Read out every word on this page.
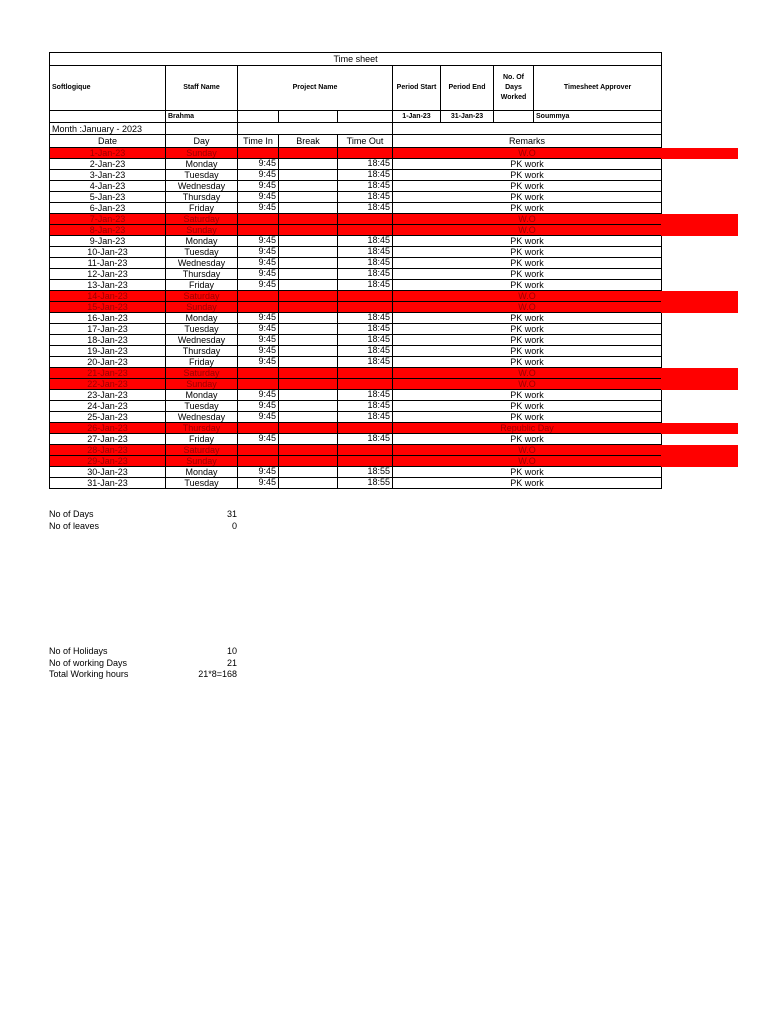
Time sheet								
Softlogique	Staff Name	Project Name			Period Start	Period End	No. Of Days Worked	Timesheet Approver
	Brahma				1-Jan-23	31-Jan-23		Soummya
Month :January - 2023								
Date	Day	Time In	Break	Time Out	Remarks			
1-Jan-23	Sunday				W.O			
2-Jan-23	Monday	9:45		18:45	PK work			
3-Jan-23	Tuesday	9:45		18:45	PK work			
4-Jan-23	Wednesday	9:45		18:45	PK work			
5-Jan-23	Thursday	9:45		18:45	PK work			
6-Jan-23	Friday	9:45		18:45	PK work			
7-Jan-23	Saturday				W.O			
8-Jan-23	Sunday				W.O			
9-Jan-23	Monday	9:45		18:45	PK work			
10-Jan-23	Tuesday	9:45		18:45	PK work			
11-Jan-23	Wednesday	9:45		18:45	PK work			
12-Jan-23	Thursday	9:45		18:45	PK work			
13-Jan-23	Friday	9:45		18:45	PK work			
14-Jan-23	Saturday				W.O			
15-Jan-23	Sunday				W.O			
16-Jan-23	Monday	9:45		18:45	PK work			
17-Jan-23	Tuesday	9:45		18:45	PK work			
18-Jan-23	Wednesday	9:45		18:45	PK work			
19-Jan-23	Thursday	9:45		18:45	PK work			
20-Jan-23	Friday	9:45		18:45	PK work			
21-Jan-23	Saturday				W.O			
22-Jan-23	Sunday				W.O			
23-Jan-23	Monday	9:45		18:45	PK work			
24-Jan-23	Tuesday	9:45		18:45	PK work			
25-Jan-23	Wednesday	9:45		18:45	PK work			
26-Jan-23	Thursday				Republic Day			
27-Jan-23	Friday	9:45		18:45	PK work			
28-Jan-23	Saturday				W.O			
29-Jan-23	Sunday				W.O			
30-Jan-23	Monday	9:45		18:55	PK work			
31-Jan-23	Tuesday	9:45		18:55	PK work			
No of Days	31
No of leaves	0
No of Holidays	10
No of working Days	21
Total Working hours	21*8=168
